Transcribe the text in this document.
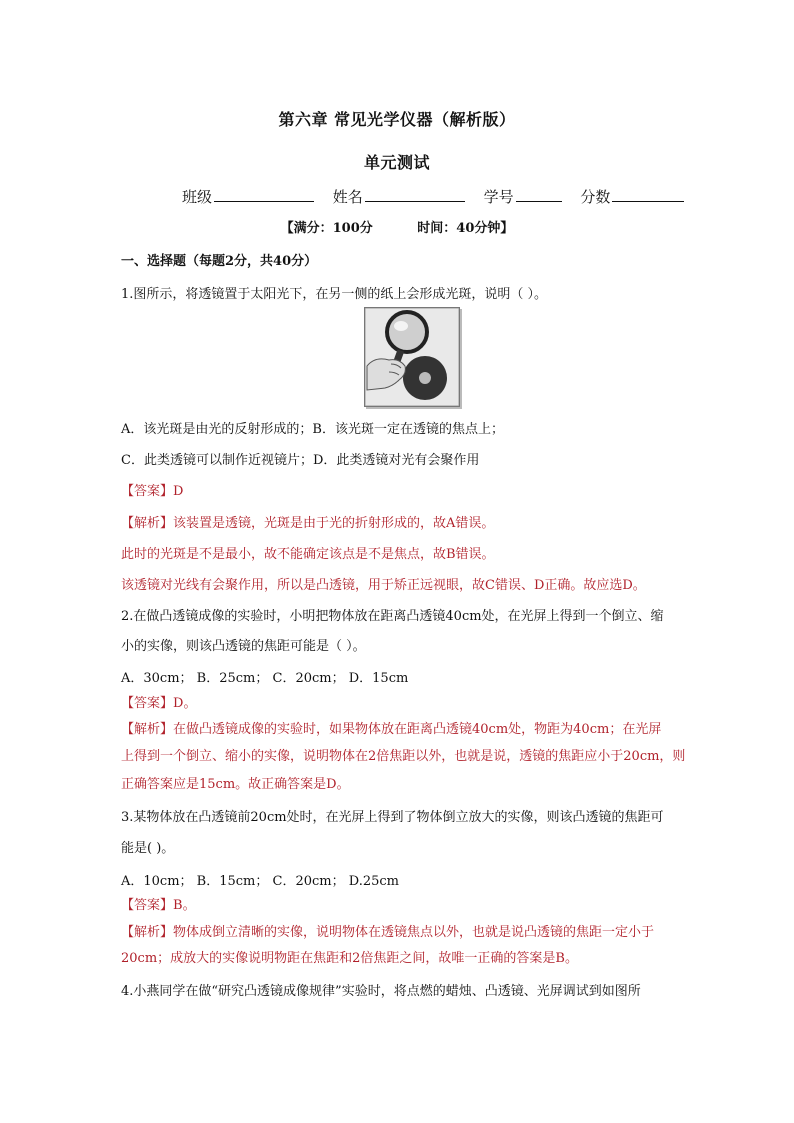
第六章 常见光学仪器（解析版）
单元测试
班级	姓名	学号	分数
【满分：100分	时间：40分钟】
一、选择题（每题2分，共40分）
1.图所示，将透镜置于太阳光下，在另一侧的纸上会形成光斑，说明（ ）。
A．该光斑是由光的反射形成的；B．该光斑一定在透镜的焦点上；
C．此类透镜可以制作近视镜片；D．此类透镜对光有会聚作用
【答案】D
【解析】该装置是透镜，光斑是由于光的折射形成的，故A错误。
此时的光斑是不是最小，故不能确定该点是不是焦点，故B错误。
该透镜对光线有会聚作用，所以是凸透镜，用于矫正远视眼，故C错误、D正确。故应选D。
2.在做凸透镜成像的实验时，小明把物体放在距离凸透镜40cm处，在光屏上得到一个倒立、缩
小的实像，则该凸透镜的焦距可能是（ ）。
A．30cm； B．25cm； C．20cm； D．15cm
【答案】D。
【解析】在做凸透镜成像的实验时，如果物体放在距离凸透镜40cm处，物距为40cm；在光屏
上得到一个倒立、缩小的实像，说明物体在2倍焦距以外，也就是说，透镜的焦距应小于20cm，则
正确答案应是15cm。故正确答案是D。
3.某物体放在凸透镜前20cm处时，在光屏上得到了物体倒立放大的实像，则该凸透镜的焦距可
能是( )。
A．10cm； B．15cm； C．20cm； D.25cm
【答案】B。
【解析】物体成倒立清晰的实像，说明物体在透镜焦点以外，也就是说凸透镜的焦距一定小于
20cm；成放大的实像说明物距在焦距和2倍焦距之间，故唯一正确的答案是B。
4.小燕同学在做“研究凸透镜成像规律”实验时，将点燃的蜡烛、凸透镜、光屏调试到如图所
